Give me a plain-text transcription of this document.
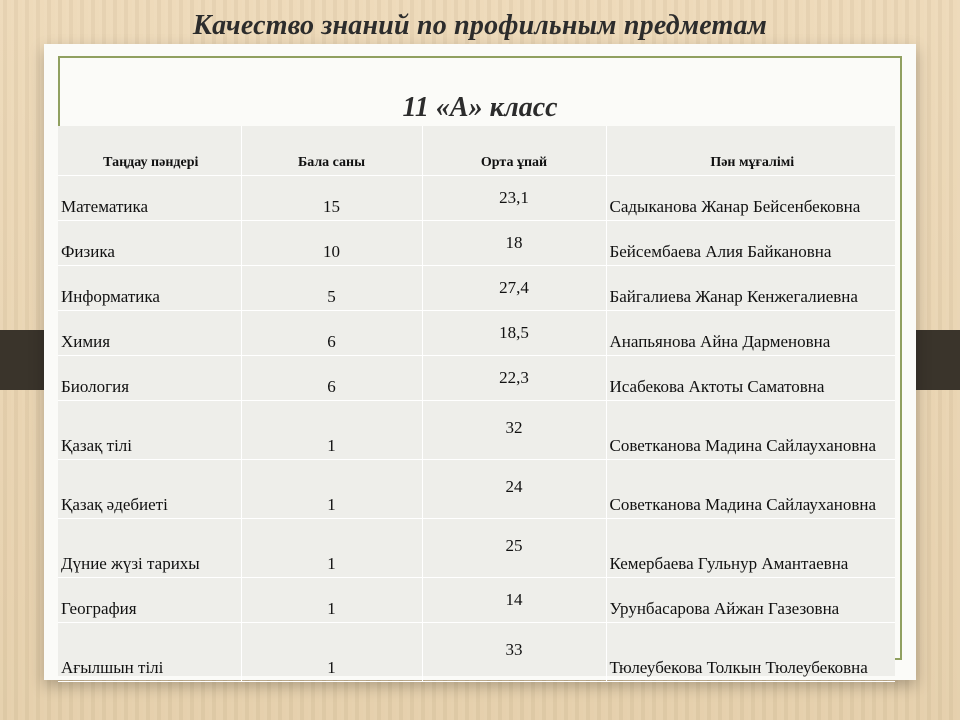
Качество знаний по профильным предметам
11 «А» класс
Таңдау пәндері	Бала саны	Орта ұпай	Пән мұғалімі
Математика	15	23,1	Садыканова Жанар Бейсенбековна
Физика	10	18	Бейсембаева Алия Байкановна
Информатика	5	27,4	Байгалиева Жанар Кенжегалиевна
Химия	6	18,5	Анапьянова Айна Дарменовна
Биология	6	22,3	Исабекова Актоты Саматовна
Қазақ тілі	1	32	Советканова Мадина Сайлаухановна
Қазақ әдебиеті	1	24	Советканова Мадина Сайлаухановна
Дүние жүзі тарихы	1	25	Кемербаева Гульнур Амантаевна
География	1	14	Урунбасарова Айжан Газезовна
Ағылшын тілі	1	33	Тюлеубекова Толкын Тюлеубековна
